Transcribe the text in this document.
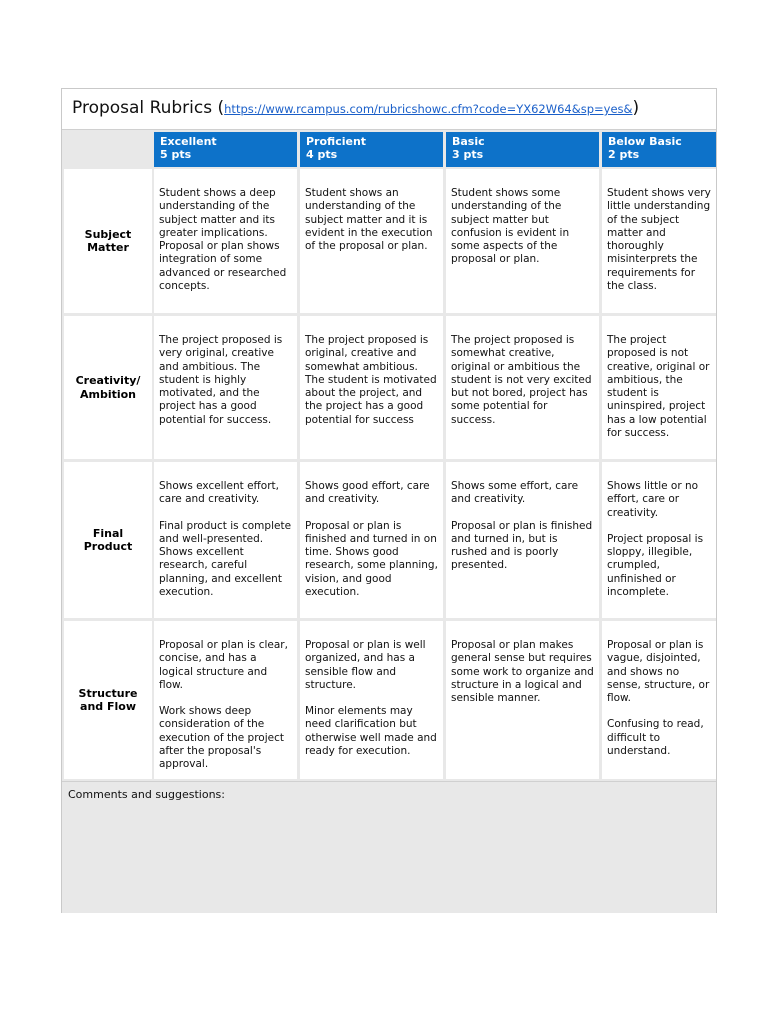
Proposal Rubrics (https://www.rcampus.com/rubricshowc.cfm?code=YX62W64&sp=yes&)
Excellent
5 pts
Proficient
4 pts
Basic
3 pts
Below Basic
2 pts
Subject Matter
Student shows a deep understanding of the subject matter and its greater implications. Proposal or plan shows integration of some advanced or researched concepts.
Student shows an understanding of the subject matter and it is evident in the execution of the proposal or plan.
Student shows some understanding of the subject matter but confusion is evident in some aspects of the proposal or plan.
Student shows very little understanding of the subject matter and thoroughly misinterprets the requirements for the class.
Creativity/ Ambition
The project proposed is very original, creative and ambitious. The student is highly motivated, and the project has a good potential for success.
The project proposed is original, creative and somewhat ambitious. The student is motivated about the project, and the project has a good potential for success
The project proposed is somewhat creative, original or ambitious the student is not very excited but not bored, project has some potential for success.
The project proposed is not creative, original or ambitious, the student is uninspired, project has a low potential for success.
Final Product
Shows excellent effort, care and creativity.
Final product is complete and well-presented. Shows excellent research, careful planning, and excellent execution.
Shows good effort, care and creativity.
Proposal or plan is finished and turned in on time. Shows good research, some planning, vision, and good execution.
Shows some effort, care and creativity.
Proposal or plan is finished and turned in, but is rushed and is poorly presented.
Shows little or no effort, care or creativity.
Project proposal is sloppy, illegible, crumpled, unfinished or incomplete.
Structure and Flow
Proposal or plan is clear, concise, and has a logical structure and flow.
Work shows deep consideration of the execution of the project after the proposal's approval.
Proposal or plan is well organized, and has a sensible flow and structure.
Minor elements may need clarification but otherwise well made and ready for execution.
Proposal or plan makes general sense but requires some work to organize and structure in a logical and sensible manner.
Proposal or plan is vague, disjointed, and shows no sense, structure, or flow.
Confusing to read, difficult to understand.
Comments and suggestions:
